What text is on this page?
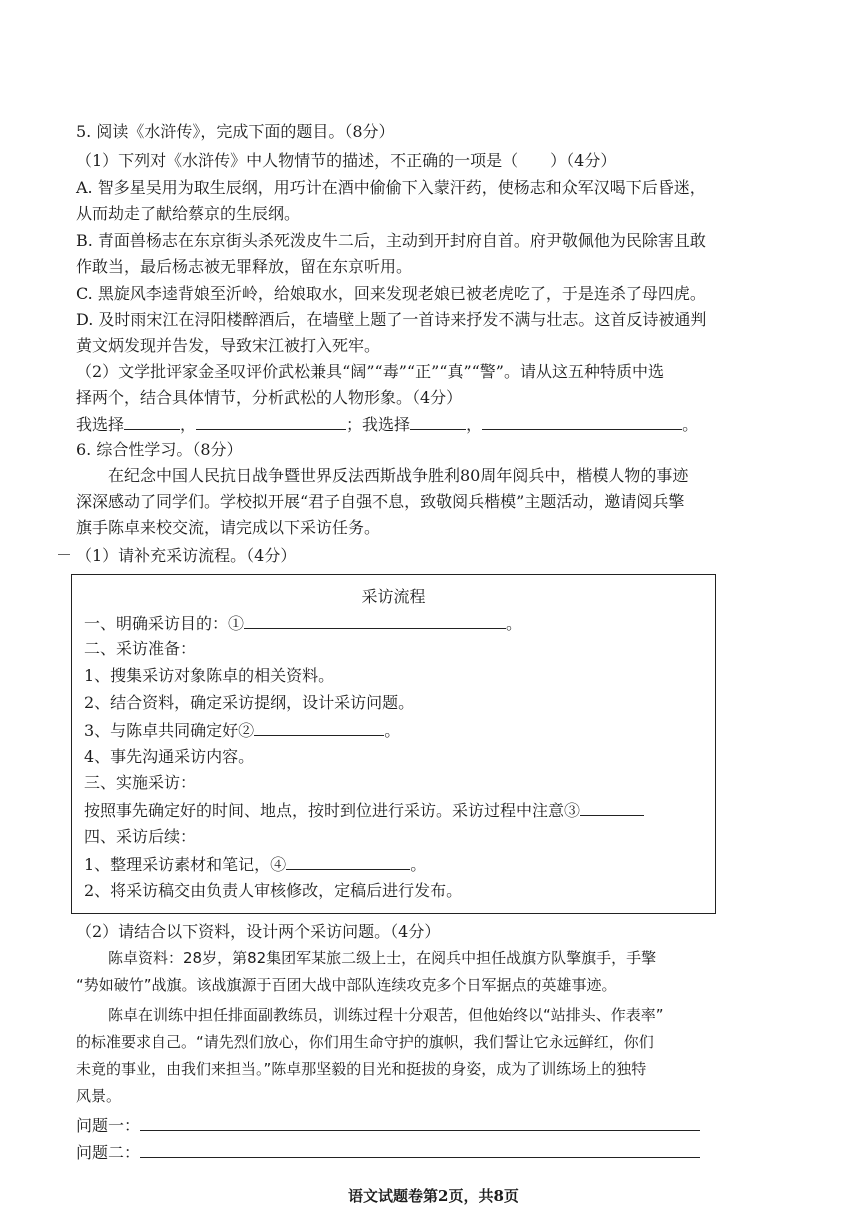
5. 阅读《水浒传》，完成下面的题目。（8分）
（1）下列对《水浒传》中人物情节的描述，不正确的一项是（　　）（4分）
A. 智多星吴用为取生辰纲，用巧计在酒中偷偷下入蒙汗药，使杨志和众军汉喝下后昏迷，
从而劫走了献给蔡京的生辰纲。
B. 青面兽杨志在东京街头杀死泼皮牛二后，主动到开封府自首。府尹敬佩他为民除害且敢
作敢当，最后杨志被无罪释放，留在东京听用。
C. 黑旋风李逵背娘至沂岭，给娘取水，回来发现老娘已被老虎吃了，于是连杀了母四虎。
D. 及时雨宋江在浔阳楼醉酒后，在墙壁上题了一首诗来抒发不满与壮志。这首反诗被通判
黄文炳发现并告发，导致宋江被打入死牢。
（2）文学批评家金圣叹评价武松兼具“阔”“毒”“正”“真”“警”。请从这五种特质中选
择两个，结合具体情节，分析武松的人物形象。（4分）
我选择	，	；我选择	，	。
6. 综合性学习。（8分）
在纪念中国人民抗日战争暨世界反法西斯战争胜利80周年阅兵中，楷模人物的事迹
深深感动了同学们。学校拟开展“君子自强不息，致敬阅兵楷模”主题活动，邀请阅兵擎
旗手陈卓来校交流，请完成以下采访任务。
（1）请补充采访流程。（4分）
采访流程
一、明确采访目的：①	。
二、采访准备：
1、搜集采访对象陈卓的相关资料。
2、结合资料，确定采访提纲，设计采访问题。
3、与陈卓共同确定好②	。
4、事先沟通采访内容。
三、实施采访：
按照事先确定好的时间、地点，按时到位进行采访。采访过程中注意③
四、采访后续：
1、整理采访素材和笔记，④	。
2、将采访稿交由负责人审核修改，定稿后进行发布。
（2）请结合以下资料，设计两个采访问题。（4分）
陈卓资料：28岁，第82集团军某旅二级上士，在阅兵中担任战旗方队擎旗手，手擎
“势如破竹”战旗。该战旗源于百团大战中部队连续攻克多个日军据点的英雄事迹。
陈卓在训练中担任排面副教练员，训练过程十分艰苦，但他始终以“站排头、作表率”
的标准要求自己。“请先烈们放心，你们用生命守护的旗帜，我们誓让它永远鲜红，你们
未竟的事业，由我们来担当。”陈卓那坚毅的目光和挺拔的身姿，成为了训练场上的独特
风景。
问题一：
问题二：
语文试题卷第2页，共8页
